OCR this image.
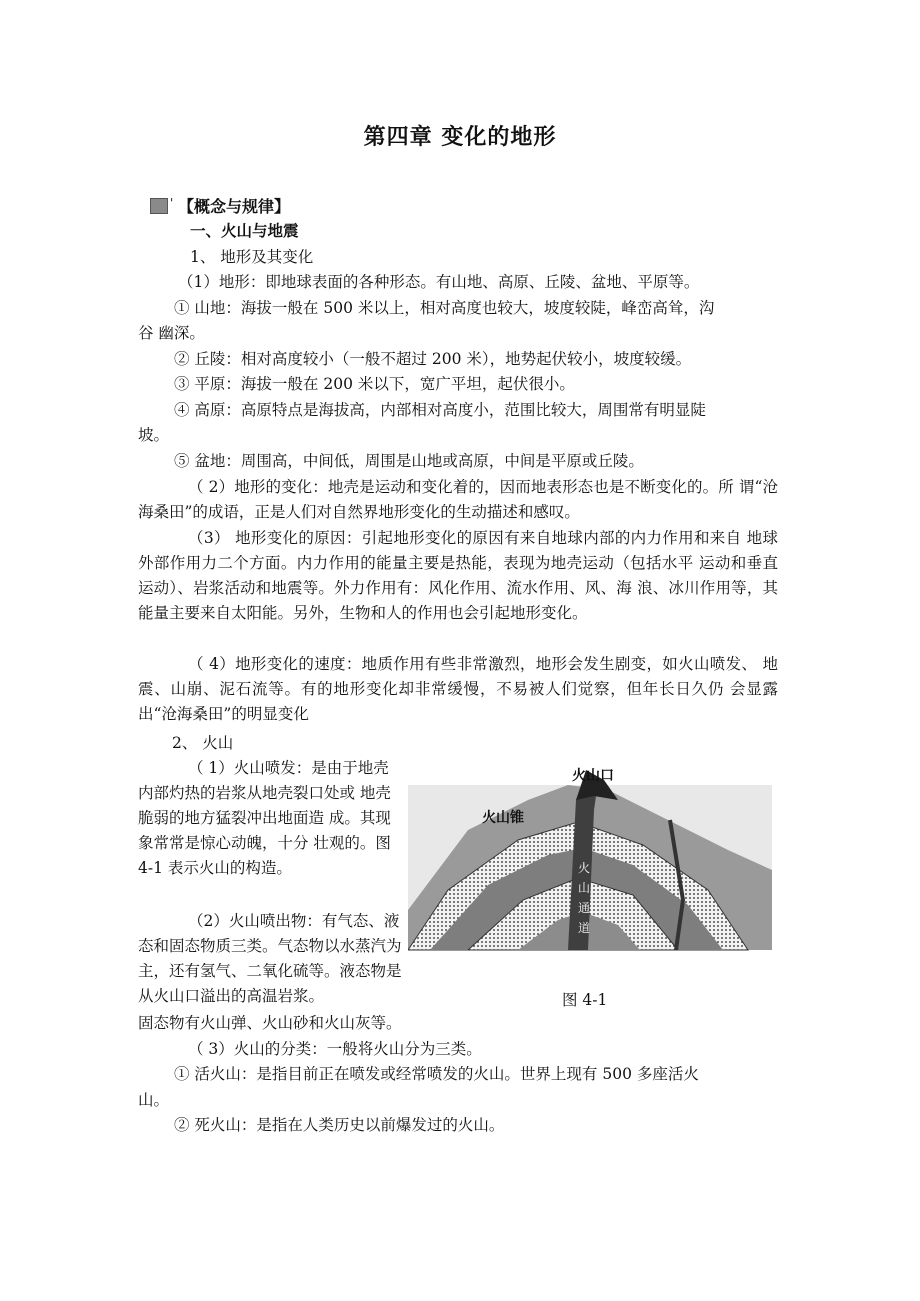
第四章 变化的地形
' 【概念与规律】
一、火山与地震
1、 地形及其变化
（1）地形：即地球表面的各种形态。有山地、高原、丘陵、盆地、平原等。
① 山地：海拔一般在 500 米以上，相对高度也较大，坡度较陡，峰峦高耸，沟
谷 幽深。
② 丘陵：相对高度较小（一般不超过 200 米），地势起伏较小，坡度较缓。
③ 平原：海拔一般在 200 米以下，宽广平坦，起伏很小。
④ 高原：高原特点是海拔高，内部相对高度小，范围比较大，周围常有明显陡
坡。
⑤ 盆地：周围高，中间低，周围是山地或高原，中间是平原或丘陵。
（ 2）地形的变化：地壳是运动和变化着的，因而地表形态也是不断变化的。所 谓“沧海桑田”的成语，正是人们对自然界地形变化的生动描述和感叹。
（3） 地形变化的原因：引起地形变化的原因有来自地球内部的内力作用和来自 地球外部作用力二个方面。内力作用的能量主要是热能，表现为地壳运动（包括水平 运动和垂直运动）、岩浆活动和地震等。外力作用有：风化作用、流水作用、风、海 浪、冰川作用等，其能量主要来自太阳能。另外，生物和人的作用也会引起地形变化。
（ 4）地形变化的速度：地质作用有些非常激烈，地形会发生剧变，如火山喷发、 地震、山崩、泥石流等。有的地形变化却非常缓慢，不易被人们觉察，但年长日久仍 会显露出“沧海桑田”的明显变化
2、 火山
（ 1）火山喷发：是由于地壳 内部灼热的岩浆从地壳裂口处或 地壳脆弱的地方猛裂冲出地面造 成。其现象常常是惊心动魄，十分 壮观的。图 4-1 表示火山的构造。
（2）火山喷出物：有气态、液态和固态物质三类。气态物以水蒸汽为主，还有氢气、二氧化硫等。液态物是从火山口溢出的高温岩浆。
火山口
火山锥
火
山
通
道
图 4-1
固态物有火山弹、火山砂和火山灰等。
（ 3）火山的分类：一般将火山分为三类。
① 活火山：是指目前正在喷发或经常喷发的火山。世界上现有 500 多座活火
山。
② 死火山：是指在人类历史以前爆发过的火山。
